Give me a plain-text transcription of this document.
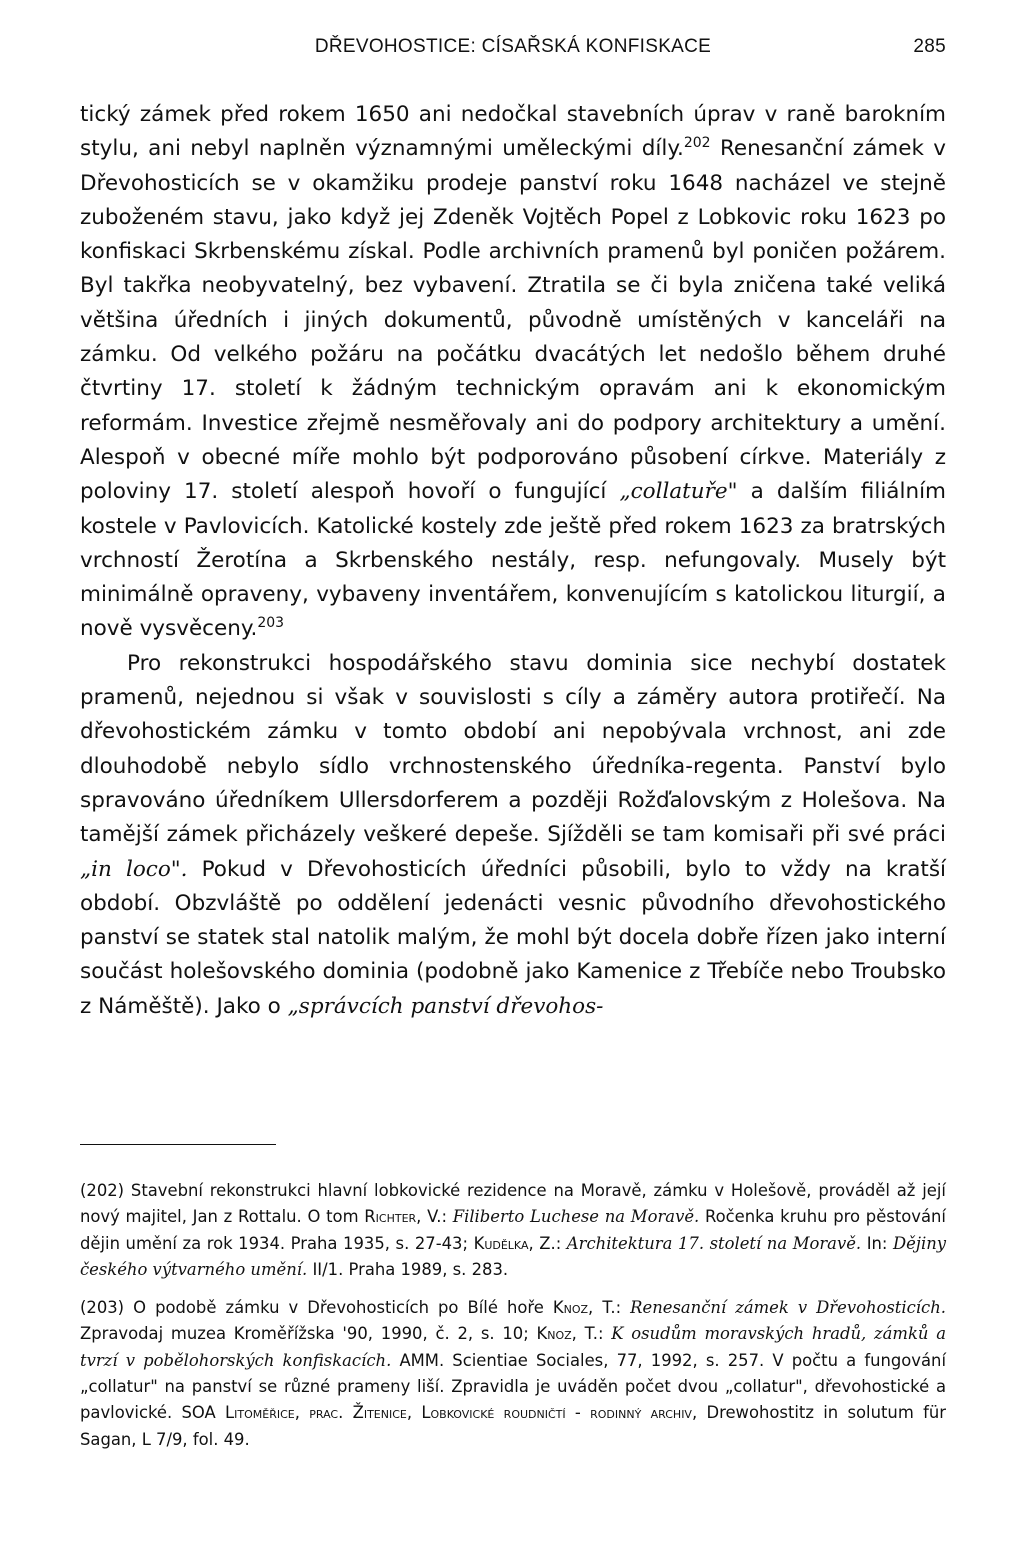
DŘEVOHOSTICE: CÍSAŘSKÁ KONFISKACE	285

tický zámek před rokem 1650 ani nedočkal stavebních úprav v raně barokním stylu, ani nebyl naplněn významnými uměleckými díly.$^{202}$ Renesanční zámek v Dřevohosticích se v okamžiku prodeje panství roku 1648 nacházel ve stejně zuboženém stavu, jako když jej Zdeněk Vojtěch Popel z Lobkovic roku 1623 po konfiskaci Skrbenskému získal. Podle archivních pramenů byl poničen požárem. Byl takřka neobyvatelný, bez vybavení. Ztratila se či byla zničena také veliká většina úředních i jiných dokumentů, původně umístěných v kanceláři na zámku. Od velkého požáru na počátku dvacátých let nedošlo během druhé čtvrtiny 17. století k žádným technickým opravám ani k ekonomickým reformám. Investice zřejmě nesměřovaly ani do podpory architektury a umění. Alespoň v obecné míře mohlo být podporováno působení církve. Materiály z poloviny 17. století alespoň hovoří o fungující „collatuře" a dalším filiálním kostele v Pavlovicích. Katolické kostely zde ještě před rokem 1623 za bratrských vrchností Žerotína a Skrbenského nestály, resp. nefungovaly. Musely být minimálně opraveny, vybaveny inventářem, konvenujícím s katolickou liturgií, a nově vysvěceny.$^{203}$

Pro rekonstrukci hospodářského stavu dominia sice nechybí dostatek pramenů, nejednou si však v souvislosti s cíly a záměry autora protiřečí. Na dřevohostickém zámku v tomto období ani nepobývala vrchnost, ani zde dlouhodobě nebylo sídlo vrchnostenského úředníka-regenta. Panství bylo spravováno úředníkem Ullersdorferem a později Rožďalovským z Holešova. Na tamější zámek přicházely veškeré depeše. Sjížděli se tam komisaři při své práci „in loco". Pokud v Dřevohosticích úředníci působili, bylo to vždy na kratší období. Obzvláště po oddělení jedenácti vesnic původního dřevohostického panství se statek stal natolik malým, že mohl být docela dobře řízen jako interní součást holešovského dominia (podobně jako Kamenice z Třebíče nebo Troubsko z Náměště). Jako o „správcích panství dřevohos-

(202) Stavební rekonstrukci hlavní lobkovické rezidence na Moravě, zámku v Holešově, prováděl až její nový majitel, Jan z Rottalu. O tom Richter, V.: Filiberto Luchese na Moravě. Ročenka kruhu pro pěstování dějin umění za rok 1934. Praha 1935, s. 27-43; Kudělka, Z.: Architektura 17. století na Moravě. In: Dějiny českého výtvarného umění. II/1. Praha 1989, s. 283.

(203) O podobě zámku v Dřevohosticích po Bílé hoře Knoz, T.: Renesanční zámek v Dřevohosticích. Zpravodaj muzea Kroměřížska '90, 1990, č. 2, s. 10; Knoz, T.: K osudům moravských hradů, zámků a tvrzí v pobělohorských konfiskacích. AMM. Scientiae Sociales, 77, 1992, s. 257. V počtu a fungování „collatur" na panství se různé prameny liší. Zpravidla je uváděn počet dvou „collatur", dřevohostické a pavlovické. SOA Litoměřice, prac. Žitenice, Lobkovické roudničtí - rodinný archiv, Drewohostitz in solutum für Sagan, L 7/9, fol. 49.
